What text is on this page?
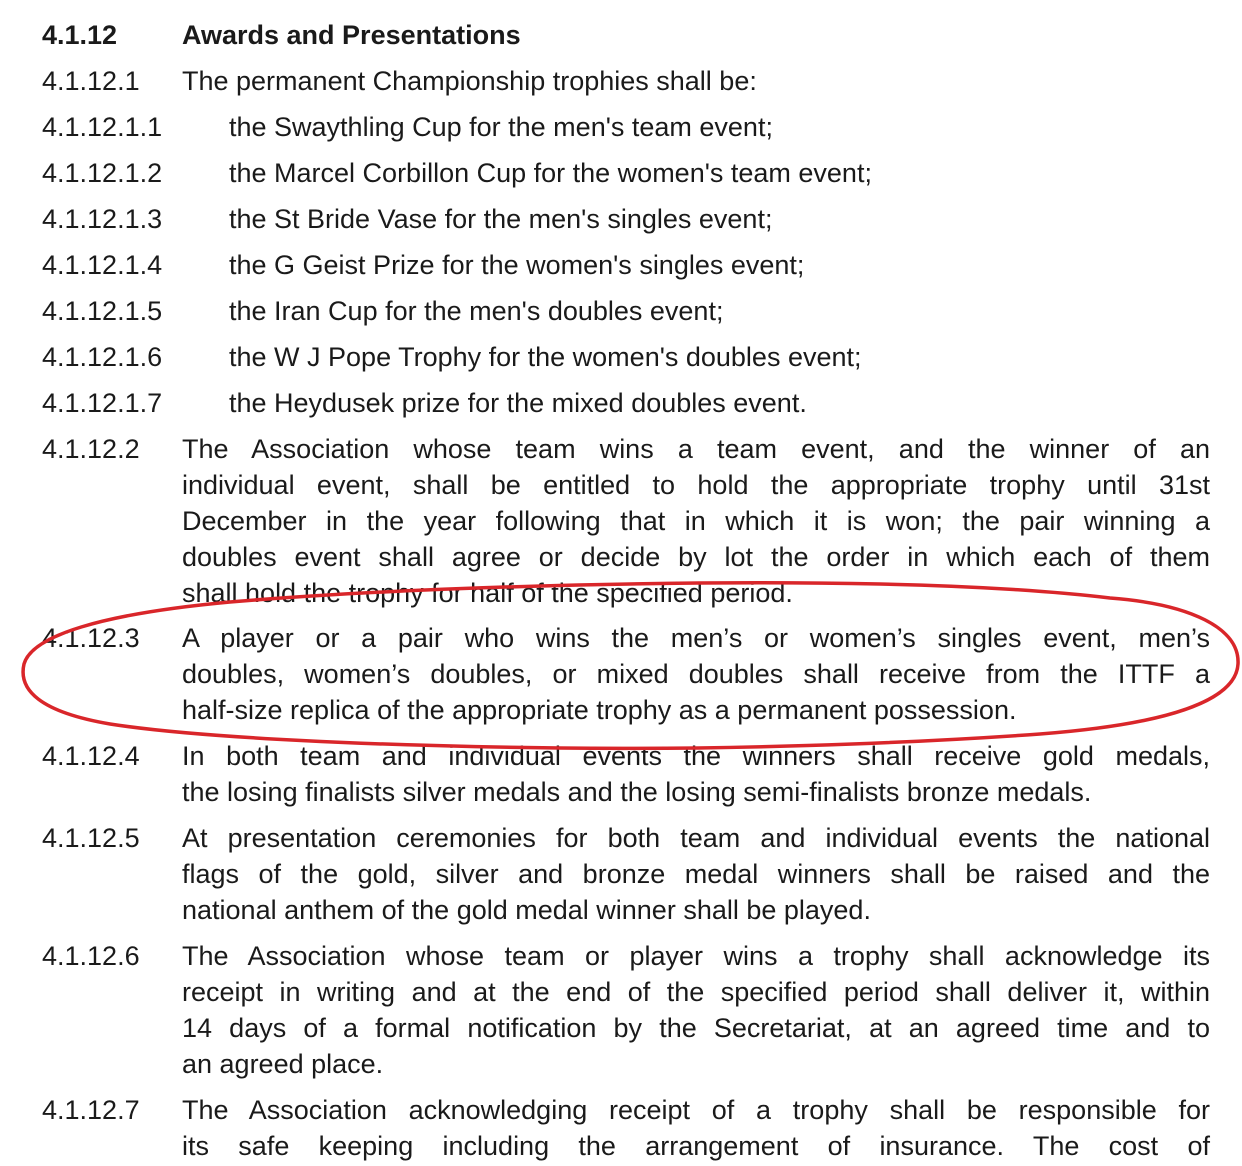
4.1.12 Awards and Presentations
4.1.12.1 The permanent Championship trophies shall be:
4.1.12.1.1 the Swaythling Cup for the men's team event;
4.1.12.1.2 the Marcel Corbillon Cup for the women's team event;
4.1.12.1.3 the St Bride Vase for the men's singles event;
4.1.12.1.4 the G Geist Prize for the women's singles event;
4.1.12.1.5 the Iran Cup for the men's doubles event;
4.1.12.1.6 the W J Pope Trophy for the women's doubles event;
4.1.12.1.7 the Heydusek prize for the mixed doubles event.
4.1.12.2 The Association whose team wins a team event, and the winner of an
individual event, shall be entitled to hold the appropriate trophy until 31st
December in the year following that in which it is won; the pair winning a
doubles event shall agree or decide by lot the order in which each of them
shall hold the trophy for half of the specified period.
4.1.12.3 A player or a pair who wins the men’s or women’s singles event, men’s
doubles, women’s doubles, or mixed doubles shall receive from the ITTF a
half-size replica of the appropriate trophy as a permanent possession.
4.1.12.4 In both team and individual events the winners shall receive gold medals,
the losing finalists silver medals and the losing semi-finalists bronze medals.
4.1.12.5 At presentation ceremonies for both team and individual events the national
flags of the gold, silver and bronze medal winners shall be raised and the
national anthem of the gold medal winner shall be played.
4.1.12.6 The Association whose team or player wins a trophy shall acknowledge its
receipt in writing and at the end of the specified period shall deliver it, within
14 days of a formal notification by the Secretariat, at an agreed time and to
an agreed place.
4.1.12.7 The Association acknowledging receipt of a trophy shall be responsible for
its safe keeping including the arrangement of insurance. The cost of
